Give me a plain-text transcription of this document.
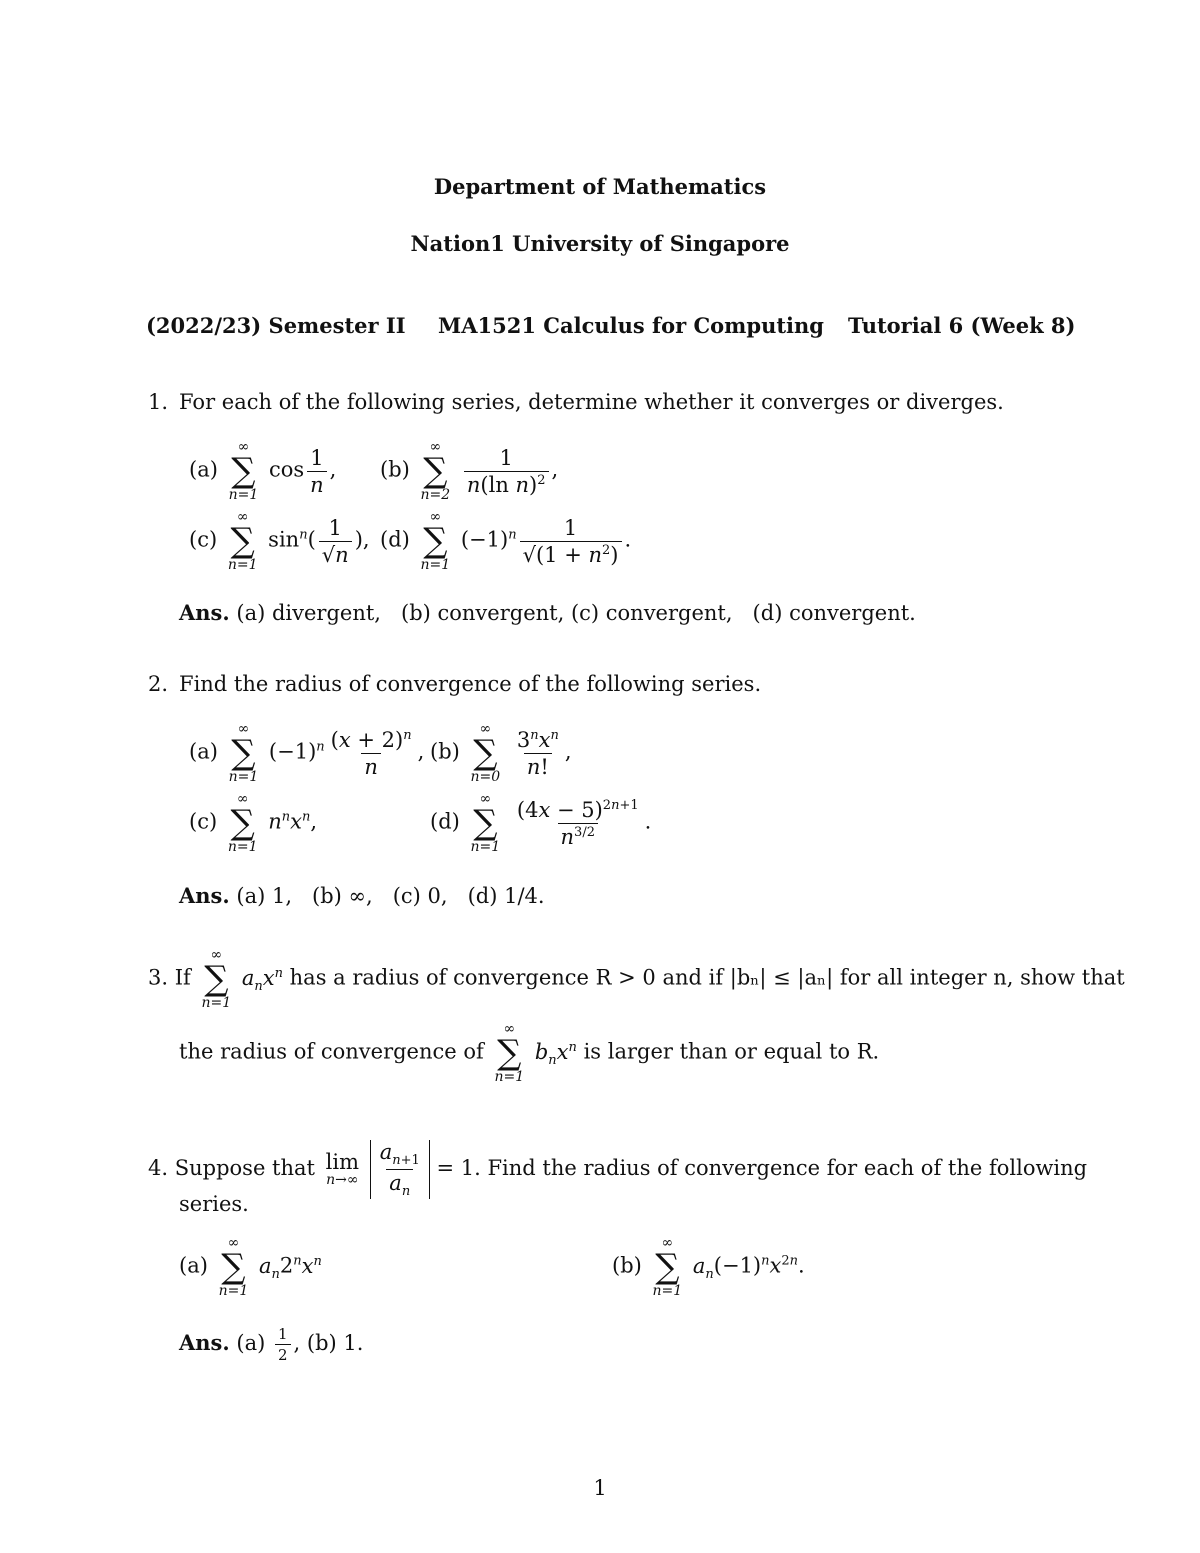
Department of Mathematics
Nation1 University of Singapore
(2022/23) Semester II MA1521 Calculus for Computing Tutorial 6 (Week 8)
1. For each of the following series, determine whether it converges or diverges.
(a)
∞
∑
n=1
$\cos \frac{1}{n}$ , (b)
∞
∑
n=2
$\frac{1}{n(\ln n)^2}$ ,
(c)
∞
∑
n=1
$\sin^n( \frac{1}{√n}$ ), (d)
∞
∑
n=1
$(-1)^n \frac{1}{√(1 + n^2)}$ .
Ans. (a) divergent,   (b) convergent, (c) convergent,   (d) convergent.
2. Find the radius of convergence of the following series.
(a)
∞
∑
n=1
$(-1)^n \frac{(x + 2)^n}{n}$ , (b)
∞
∑
n=0
$\frac{3^nx^n}{n!}$ ,
(c)
∞
∑
n=1
$n^nx^n$,	(d)
∞
∑
n=1
$\frac{(4x - 5)^{2n+1}}{n^{3/2}}$ .
Ans. (a) 1,   (b) ∞,   (c) 0,   (d) 1/4.
3. If
∞
∑
n=1
$a_nx^n$ has a radius of convergence R > 0 and if |bₙ| ≤ |aₙ| for all integer n, show that
the radius of convergence of
∞
∑
n=1
$b_nx^n$ is larger than or equal to R.
4. Suppose that lim
n→∞
$\frac{a_{n+1}}{a_n} = 1$. Find the radius of convergence for each of the following
series.
(a)
∞
∑
n=1
$a_n2^nx^n$	(b)
∞
∑
n=1
$a_n(-1)^nx^{2n}$.
Ans. $(a) \frac{1}{2}$ , (b) 1.
1
